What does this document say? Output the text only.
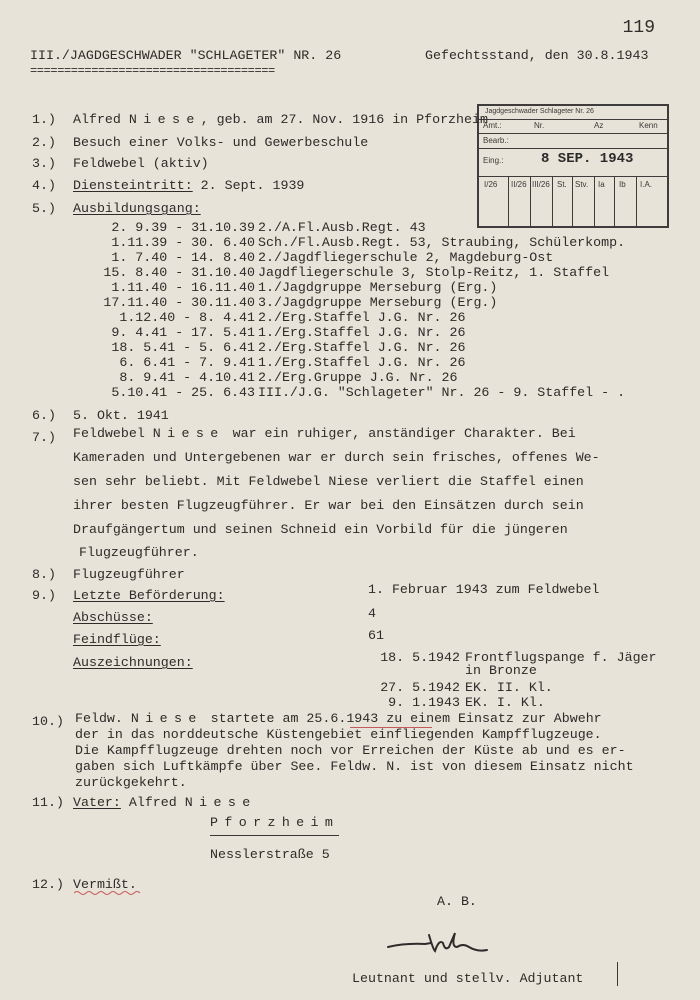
119
III./JAGDGESCHWADER "SCHLAGETER" NR. 26
====================================
Gefechtsstand, den 30.8.1943
Jagdgeschwader Schlageter Nr. 26
Amt.:	Nr.	Az	Kenn
Bearb.:
Eing.:	8 SEP. 1943
I/26 II/26 III/26 St. Stv. Ia Ib I.A.
1.) Alfred Niese, geb. am 27. Nov. 1916 in Pforzheim
2.) Besuch einer Volks- und Gewerbeschule
3.) Feldwebel (aktiv)
4.) Diensteintritt: 2. Sept. 1939
5.) Ausbildungsgang:
2. 9.39 - 31.10.39 2./A.Fl.Ausb.Regt. 43
1.11.39 - 30. 6.40 Sch./Fl.Ausb.Regt. 53, Straubing, Schülerkomp.
1. 7.40 - 14. 8.40 2./Jagdfliegerschule 2, Magdeburg-Ost
15. 8.40 - 31.10.40 Jagdfliegerschule 3, Stolp-Reitz, 1. Staffel
1.11.40 - 16.11.40 1./Jagdgruppe Merseburg (Erg.)
17.11.40 - 30.11.40 3./Jagdgruppe Merseburg (Erg.)
1.12.40 - 8. 4.41 2./Erg.Staffel J.G. Nr. 26
9. 4.41 - 17. 5.41 1./Erg.Staffel J.G. Nr. 26
18. 5.41 - 5. 6.41 2./Erg.Staffel J.G. Nr. 26
6. 6.41 - 7. 9.41 1./Erg.Staffel J.G. Nr. 26
8. 9.41 - 4.10.41 2./Erg.Gruppe J.G. Nr. 26
5.10.41 - 25. 6.43 III./J.G. "Schlageter" Nr. 26 - 9. Staffel - .
6.) 5. Okt. 1941
7.) Feldwebel Niese war ein ruhiger, anständiger Charakter. Bei
Kameraden und Untergebenen war er durch sein frisches, offenes We-
sen sehr beliebt. Mit Feldwebel Niese verliert die Staffel einen
ihrer besten Flugzeugführer. Er war bei den Einsätzen durch sein
Draufgängertum und seinen Schneid ein Vorbild für die jüngeren
Flugzeugführer.
8.) Flugzeugführer
9.) Letzte Beförderung:	1. Februar 1943 zum Feldwebel
Abschüsse:	4
Feindflüge:	61
Auszeichnungen:	18. 5.1942 Frontflugspange f. Jäger
in Bronze
27. 5.1942 EK. II. Kl.
9. 1.1943 EK. I. Kl.
10.) Feldw. Niese startete am 25.6.1943 zu einem Einsatz zur Abwehr
der in das norddeutsche Küstengebiet einfliegenden Kampfflugzeuge.
Die Kampfflugzeuge drehten noch vor Erreichen der Küste ab und es er-
gaben sich Luftkämpfe über See. Feldw. N. ist von diesem Einsatz nicht
zurückgekehrt.
11.) Vater: Alfred Niese
Pforzheim
Nesslerstraße 5
12.) Vermißt.
A. B.
Leutnant und stellv. Adjutant
